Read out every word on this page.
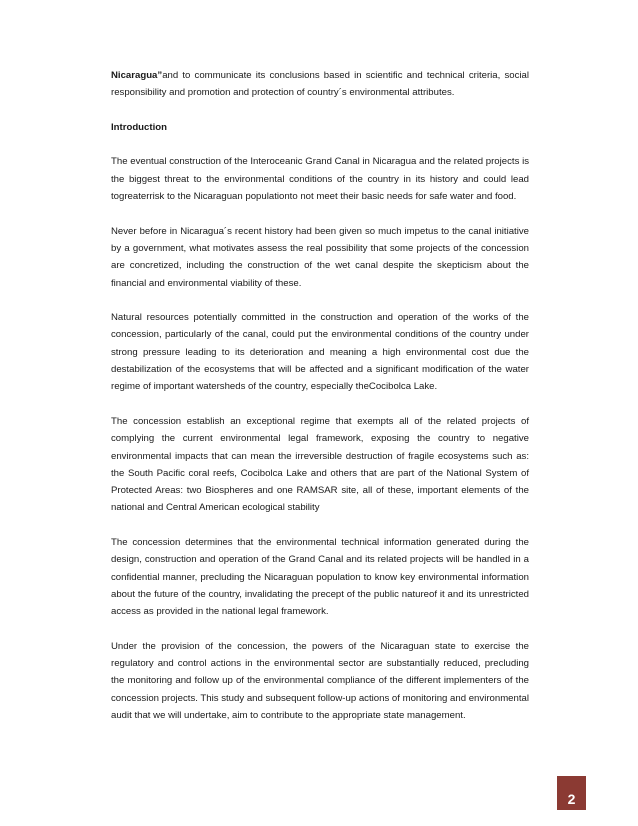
Nicaragua”and to communicate its conclusions based in scientific and technical criteria, social responsibility and promotion and protection of country´s environmental attributes.

Introduction

The eventual construction of the Interoceanic Grand Canal in Nicaragua and the related projects is the biggest threat to the environmental conditions of the country in its history and could lead togreaterrisk to the Nicaraguan populationto not meet their basic needs for safe water and food.

Never before in Nicaragua´s recent history had been given so much impetus to the canal initiative by a government, what motivates assess the real possibility that some projects of the concession are concretized, including the construction of the wet canal despite the skepticism about the financial and environmental viability of these.

Natural resources potentially committed in the construction and operation of the works of the concession, particularly of the canal, could put the environmental conditions of the country under strong pressure leading to its deterioration and meaning a high environmental cost due the destabilization of the ecosystems that will be affected and a significant modification of the water regime of important watersheds of the country, especially theCocibolca Lake.

The concession establish an exceptional regime that exempts all of the related projects of complying the current environmental legal framework, exposing the country to negative environmental impacts that can mean the irreversible destruction of fragile ecosystems such as: the South Pacific coral reefs, Cocibolca Lake and others that are part of the National System of Protected Areas: two Biospheres and one RAMSAR site, all of these, important elements of the national and Central American ecological stability

The concession determines that the environmental technical information generated during the design, construction and operation of the Grand Canal and its related projects will be handled in a confidential manner, precluding the Nicaraguan population to know key environmental information about the future of the country, invalidating the precept of the public natureof it and its unrestricted access as provided in the national legal framework.

Under the provision of the concession, the powers of the Nicaraguan state to exercise the regulatory and control actions in the environmental sector are substantially reduced, precluding the monitoring and follow up of the environmental compliance of the different implementers of the concession projects. This study and subsequent follow-up actions of monitoring and environmental audit that we will undertake, aim to contribute to the appropriate state management.

2
